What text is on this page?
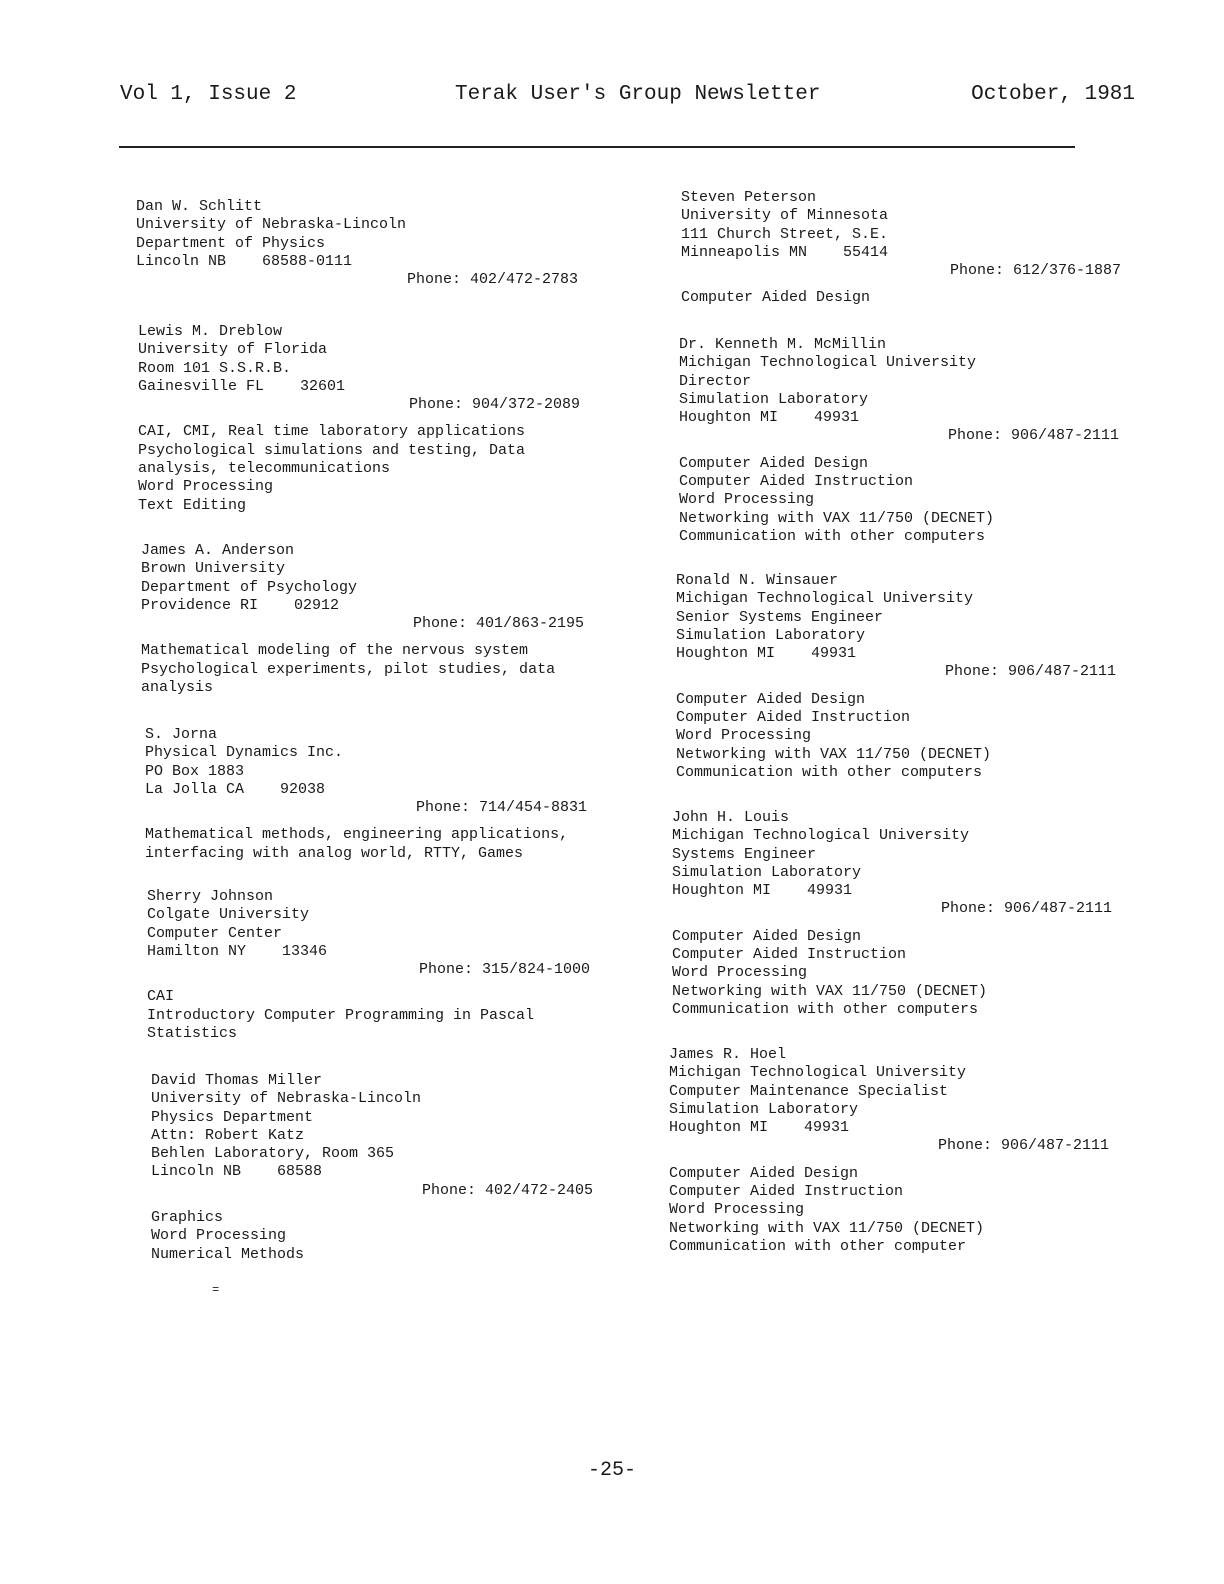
Vol 1, Issue 2	Terak User's Group Newsletter	October, 1981
Dan W. Schlitt
University of Nebraska-Lincoln
Department of Physics
Lincoln NB    68588-0111
Phone: 402/472-2783
Lewis M. Dreblow
University of Florida
Room 101 S.S.R.B.
Gainesville FL    32601
Phone: 904/372-2089
CAI, CMI, Real time laboratory applications
Psychological simulations and testing, Data
analysis, telecommunications
Word Processing
Text Editing
James A. Anderson
Brown University
Department of Psychology
Providence RI    02912
Phone: 401/863-2195
Mathematical modeling of the nervous system
Psychological experiments, pilot studies, data
analysis
S. Jorna
Physical Dynamics Inc.
PO Box 1883
La Jolla CA    92038
Phone: 714/454-8831
Mathematical methods, engineering applications,
interfacing with analog world, RTTY, Games
Sherry Johnson
Colgate University
Computer Center
Hamilton NY    13346
Phone: 315/824-1000
CAI
Introductory Computer Programming in Pascal
Statistics
David Thomas Miller
University of Nebraska-Lincoln
Physics Department
Attn: Robert Katz
Behlen Laboratory, Room 365
Lincoln NB    68588
Phone: 402/472-2405
Graphics
Word Processing
Numerical Methods
Steven Peterson
University of Minnesota
111 Church Street, S.E.
Minneapolis MN    55414
Phone: 612/376-1887
Computer Aided Design
Dr. Kenneth M. McMillin
Michigan Technological University
Director
Simulation Laboratory
Houghton MI    49931
Phone: 906/487-2111
Computer Aided Design
Computer Aided Instruction
Word Processing
Networking with VAX 11/750 (DECNET)
Communication with other computers
Ronald N. Winsauer
Michigan Technological University
Senior Systems Engineer
Simulation Laboratory
Houghton MI    49931
Phone: 906/487-2111
Computer Aided Design
Computer Aided Instruction
Word Processing
Networking with VAX 11/750 (DECNET)
Communication with other computers
John H. Louis
Michigan Technological University
Systems Engineer
Simulation Laboratory
Houghton MI    49931
Phone: 906/487-2111
Computer Aided Design
Computer Aided Instruction
Word Processing
Networking with VAX 11/750 (DECNET)
Communication with other computers
James R. Hoel
Michigan Technological University
Computer Maintenance Specialist
Simulation Laboratory
Houghton MI    49931
Phone: 906/487-2111
Computer Aided Design
Computer Aided Instruction
Word Processing
Networking with VAX 11/750 (DECNET)
Communication with other computer
=
-25-
